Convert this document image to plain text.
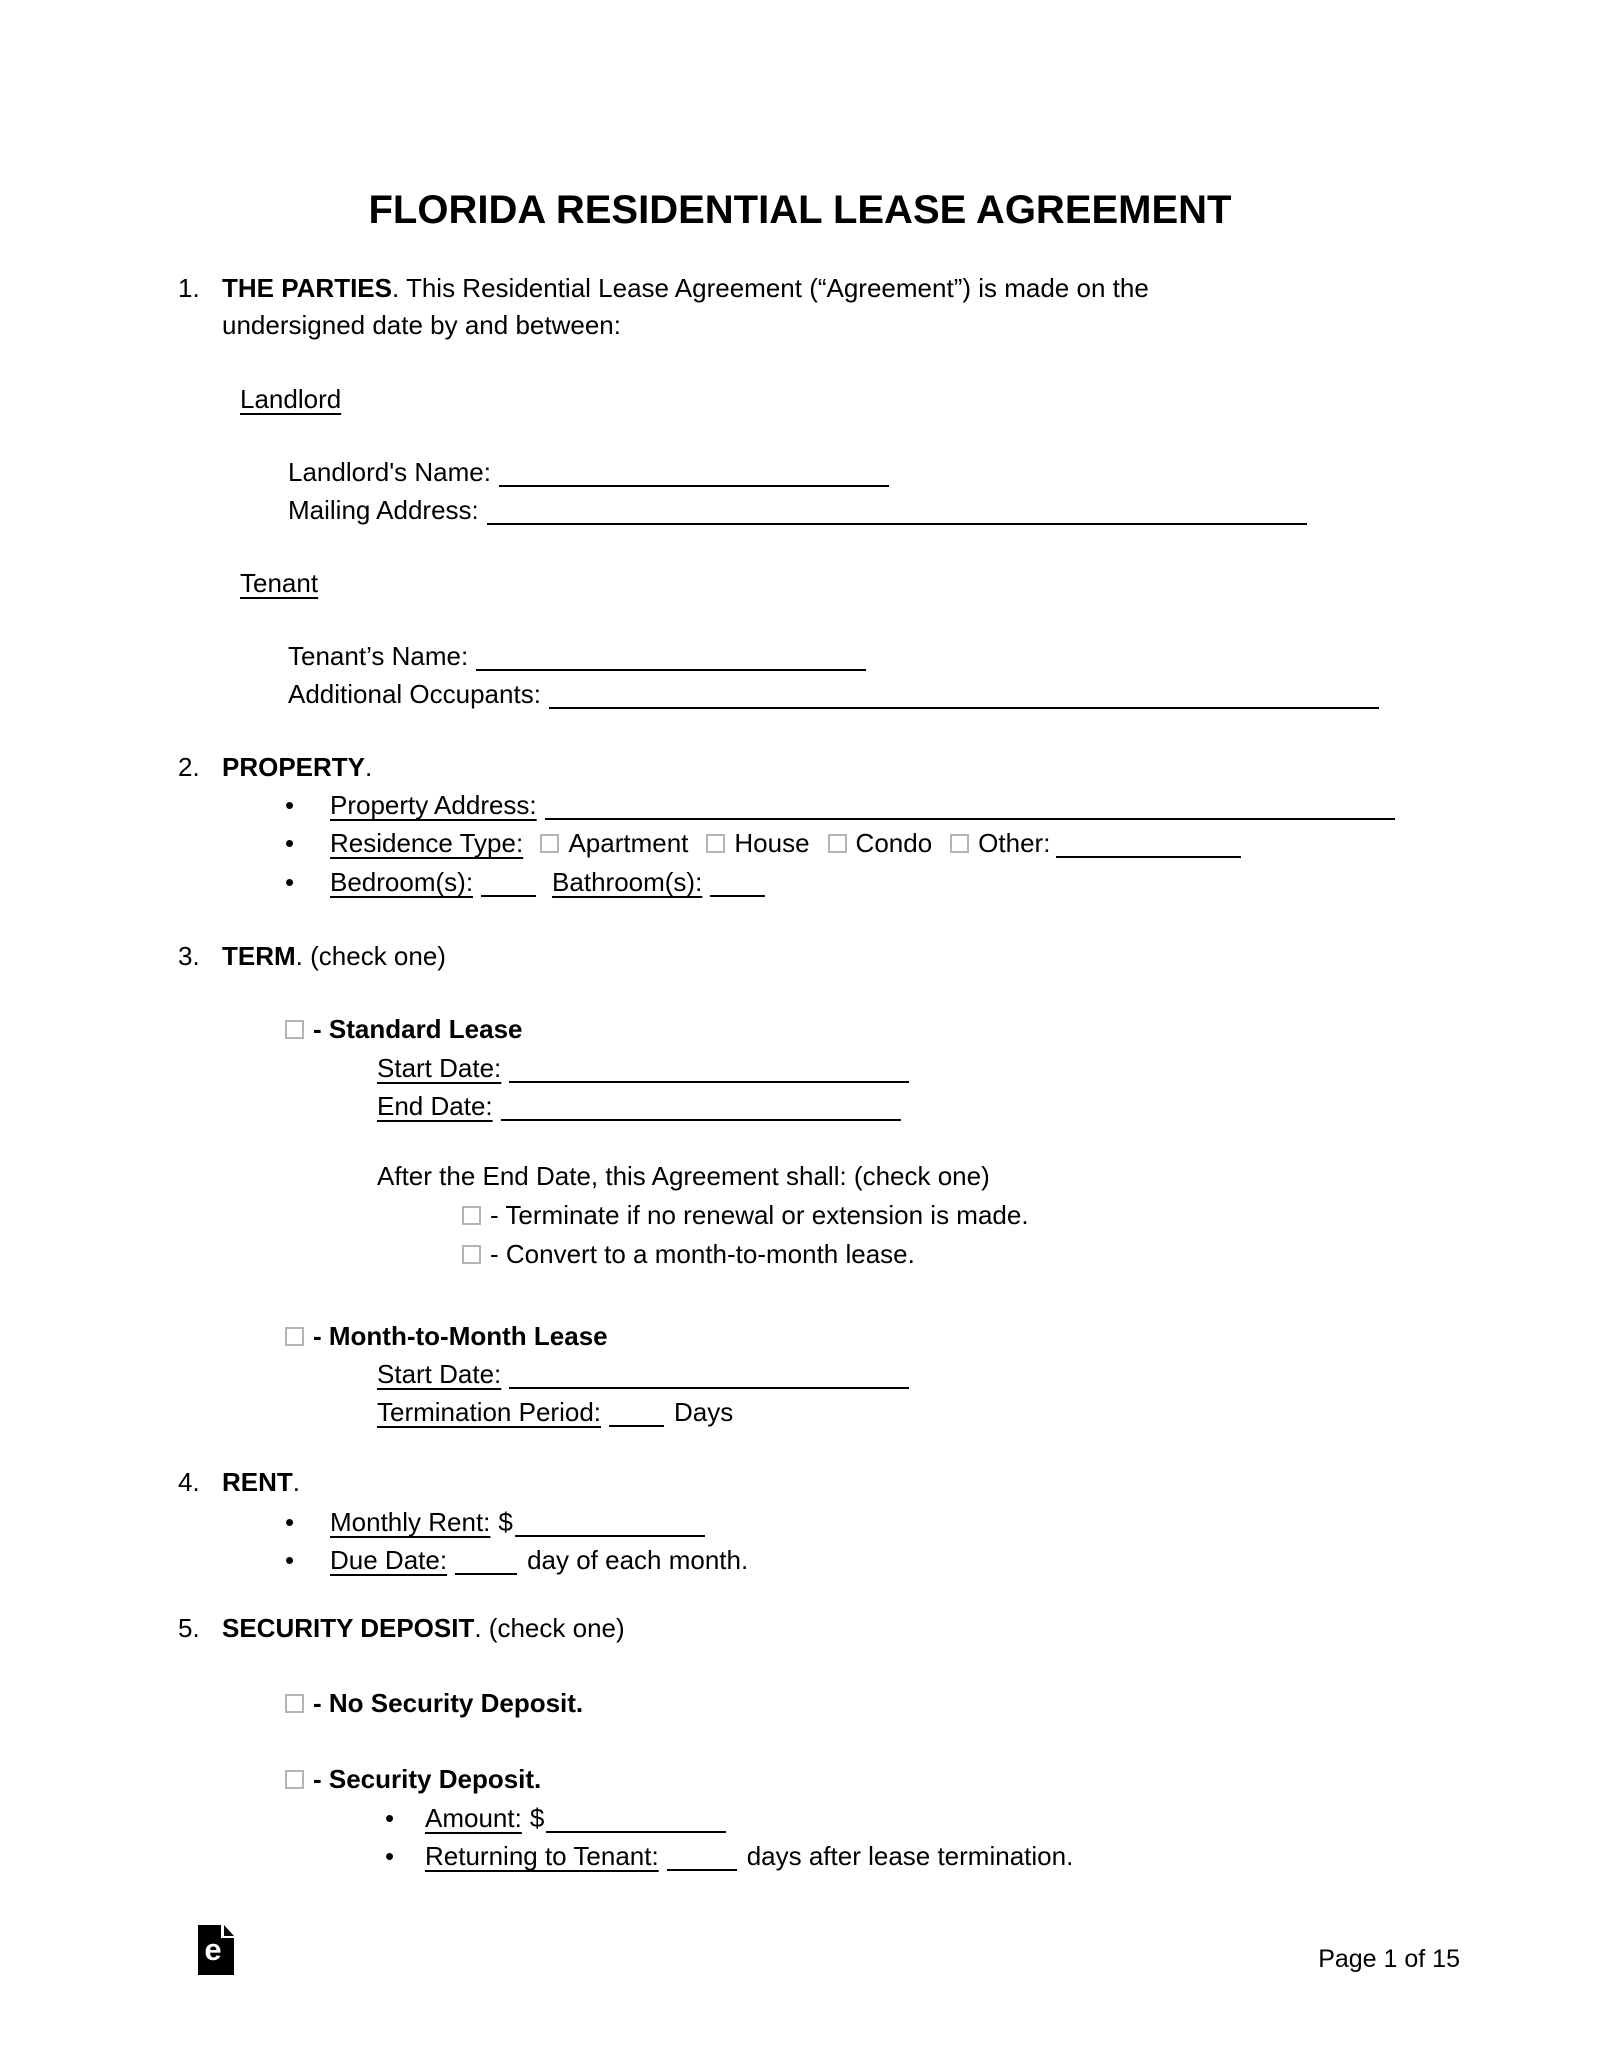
FLORIDA RESIDENTIAL LEASE AGREEMENT
1. THE PARTIES. This Residential Lease Agreement (“Agreement”) is made on the
undersigned date by and between:
Landlord
Landlord's Name:
Mailing Address:
Tenant
Tenant’s Name:
Additional Occupants:
2. PROPERTY.
• Property Address:
• Residence Type: Apartment House Condo Other:
• Bedroom(s):	Bathroom(s):
3. TERM. (check one)
- Standard Lease
Start Date:
End Date:
After the End Date, this Agreement shall: (check one)
- Terminate if no renewal or extension is made.
- Convert to a month-to-month lease.
- Month-to-Month Lease
Start Date:
Termination Period:	Days
4. RENT.
• Monthly Rent: $
• Due Date:	day of each month.
5. SECURITY DEPOSIT. (check one)
- No Security Deposit.
- Security Deposit.
• Amount: $
• Returning to Tenant:	days after lease termination.
e	Page 1 of 15
